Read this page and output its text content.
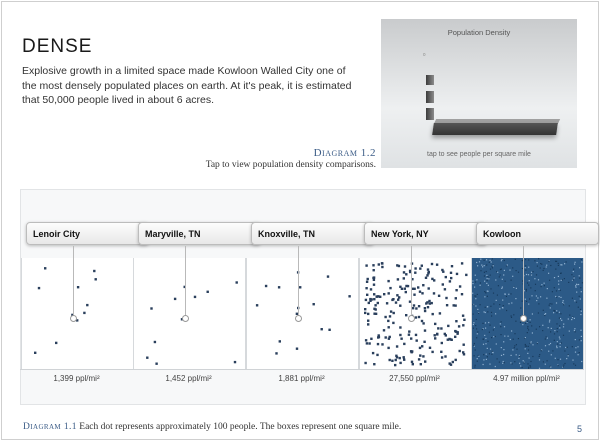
DENSE
Explosive growth in a limited space made Kowloon Walled City one of the most densely populated places on earth. At it's peak, it is estimated that 50,000 people lived in about 6 acres.
Population Density
tap to see people per square mile
0
Diagram 1.2
Tap to view population density comparisons.
Lenoir City
1,399 ppl/mi²
Maryville, TN
1,452 ppl/mi²
Knoxville, TN
1,881 ppl/mi²
New York, NY
27,550 ppl/mi²
Kowloon
4.97 million ppl/mi²
Diagram 1.1 Each dot represents approximately 100 people. The boxes represent one square mile.	5
